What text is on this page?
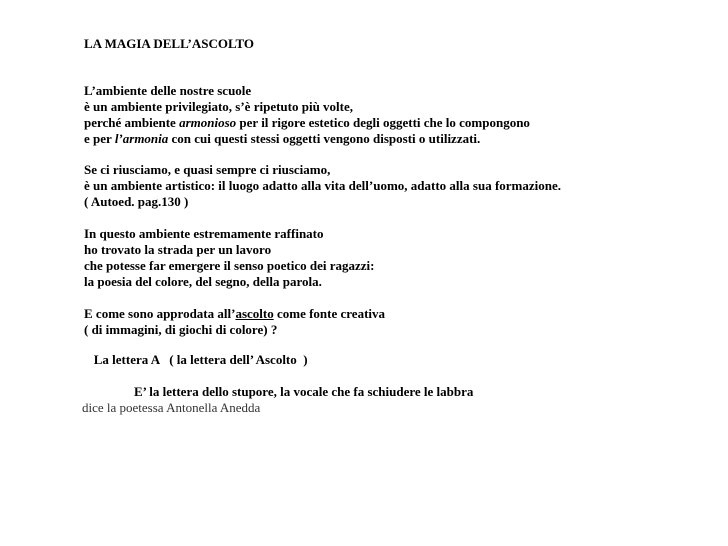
LA MAGIA DELL’ASCOLTO
L’ambiente delle nostre scuole
è un ambiente privilegiato, s’è ripetuto più volte,
perché ambiente armonioso per il rigore estetico degli oggetti che lo compongono
e per l’armonia con cui questi stessi oggetti vengono disposti o utilizzati.
Se ci riusciamo, e quasi sempre ci riusciamo,
è un ambiente artistico: il luogo adatto alla vita dell’uomo, adatto alla sua formazione.
( Autoed. pag.130 )
In questo ambiente estremamente raffinato
ho trovato la strada per un lavoro
che potesse far emergere il senso poetico dei ragazzi:
la poesia del colore, del segno, della parola.
E come sono approdata all’ascolto come fonte creativa
( di immagini, di giochi di colore) ?
La lettera A   ( la lettera dell’ Ascolto  )
E’ la lettera dello stupore, la vocale che fa schiudere le labbra
dice la poetessa Antonella Anedda
